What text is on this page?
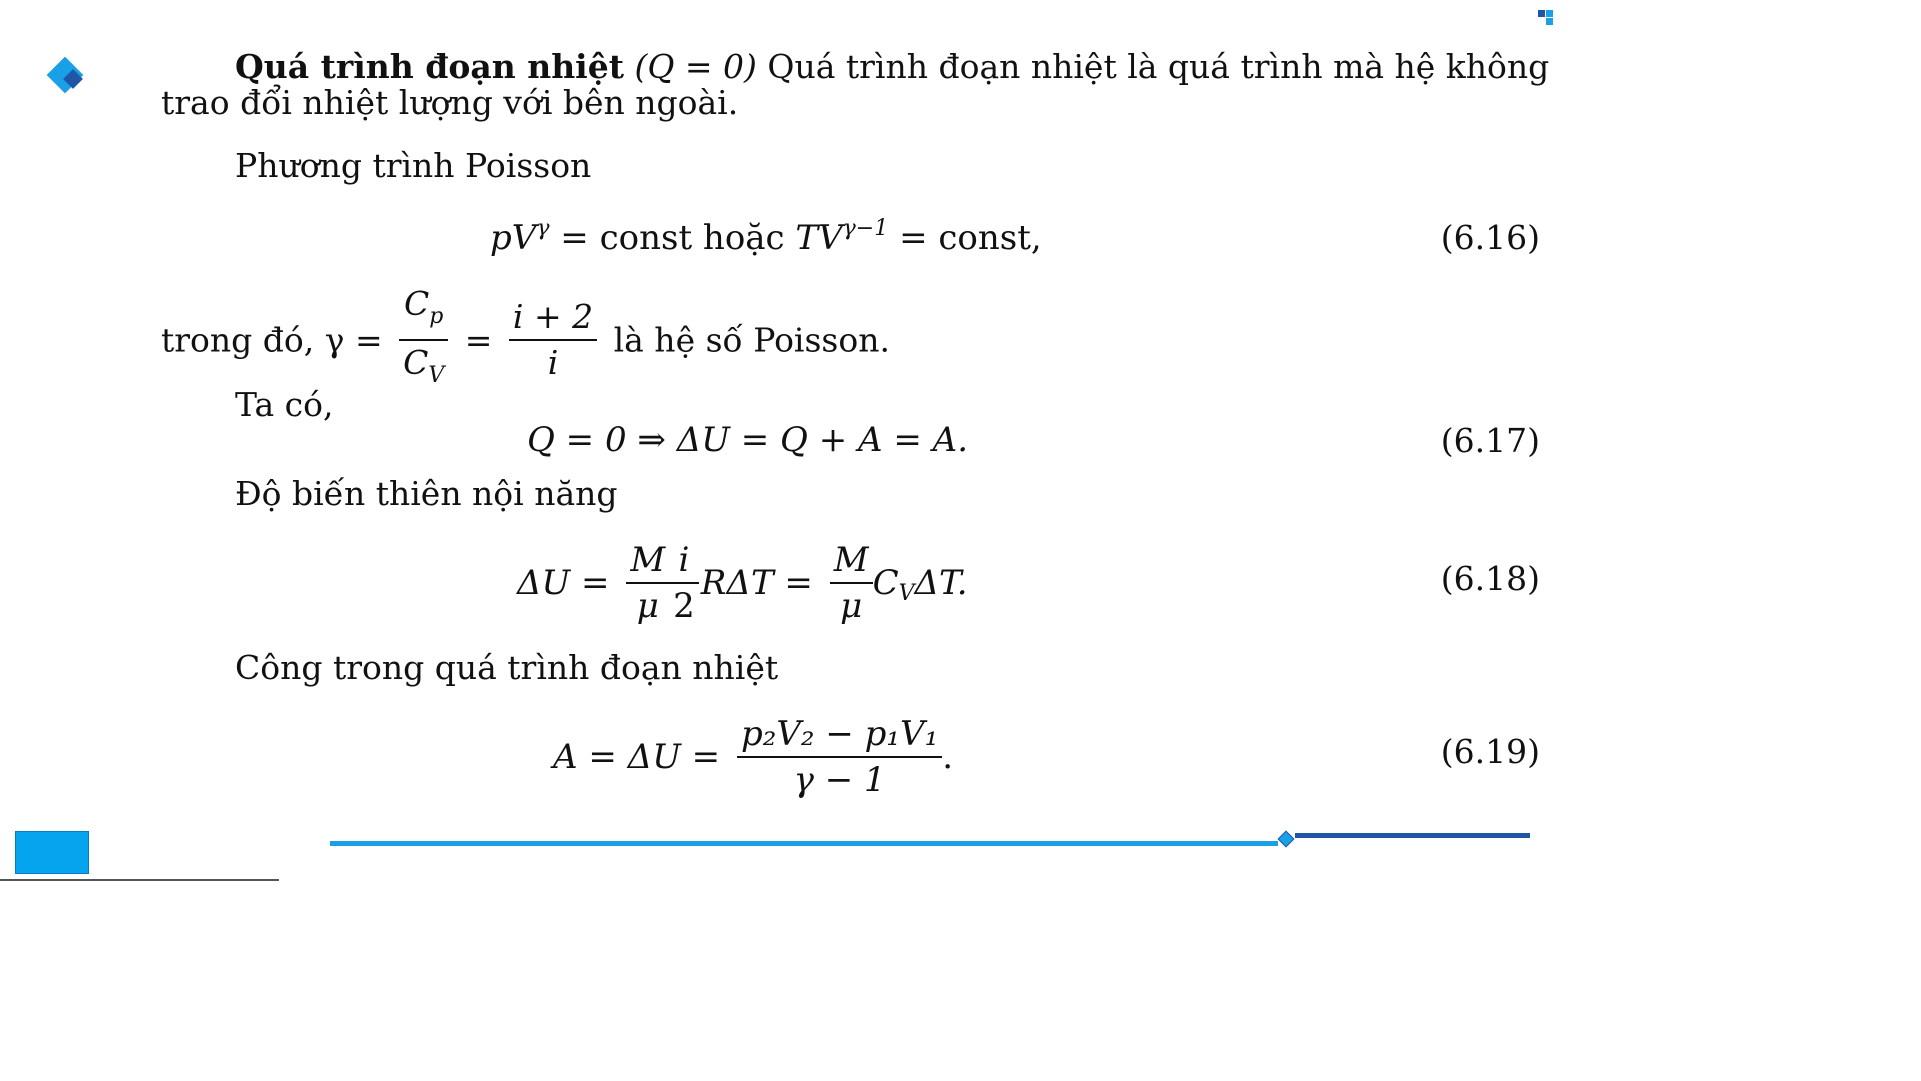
Quá trình đoạn nhiệt (Q = 0) Quá trình đoạn nhiệt là quá trình mà hệ không
trao đổi nhiệt lượng với bên ngoài.
Phương trình Poisson
$pV^\gamma$ = const hoặc $TV^{\gamma-1}$ = const,	(6.16)
trong đó, $\gamma = \frac{C_p}{C_V} = \frac{i + 2}{i}$ là hệ số Poisson.
Ta có,
Q = 0 ⇒ ΔU = Q + A = A.	(6.17)
Độ biến thiên nội năng
$\Delta U = \frac{M}{\mu} \frac{i}{2}$ $R\Delta T = \frac{M}{\mu} C_V\Delta T$.	(6.18)
Công trong quá trình đoạn nhiệt
$A = \Delta U = \frac{\text{p₂V₂ − p₁V₁}}{\gamma - 1}$ .	(6.19)
